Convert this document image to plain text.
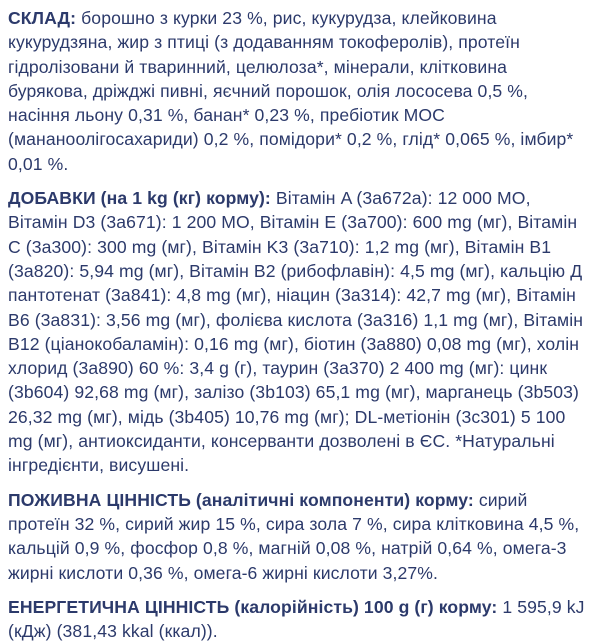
СКЛАД: борошно з курки 23 %, рис, кукурудза, клейковина кукурудзяна, жир з птиці (з додаванням токоферолів), протеїн гідролізовани й тваринний, целюлоза*, мінерали, клітковина бурякова, дріжджі пивні, яєчний порошок, олія лососева 0,5 %, насіння льону 0,31 %, банан* 0,23 %, пребіотик MOC (мананоолігосахариди) 0,2 %, помідори* 0,2 %, глід* 0,065 %, імбир* 0,01 %.

ДОБАВКИ (на 1 kg (кг) корму): Вітамін A (3a672a): 12 000 MO, Вітамін D3 (3a671): 1 200 MO, Вітамін E (3a700): 600 mg (мг), Вітамін C (3a300): 300 mg (мг), Вітамін K3 (3a710): 1,2 mg (мг), Вітамін B1 (3a820): 5,94 mg (мг), Вітамін B2 (рибофлавін): 4,5 mg (мг), кальцію Д пантотенат (3a841): 4,8 mg (мг), ніацин (3a314): 42,7 mg (мг), Вітамін B6 (3a831): 3,56 mg (мг), фолієва кислота (3a316) 1,1 mg (мг), Вітамін B12 (ціанокобаламін): 0,16 mg (мг), біотин (3a880) 0,08 mg (мг), холін хлорид (3a890) 60 %: 3,4 g (г), таурин (3a370) 2 400 mg (мг): цинк (3b604) 92,68 mg (мг), залізо (3b103) 65,1 mg (мг), марганець (3b503) 26,32 mg (мг), мідь (3b405) 10,76 mg (мг); DL-метіонін (3c301) 5 100 mg (мг), антиоксиданти, консерванти дозволені в ЄС. *Натуральні інгредієнти, висушені.

ПОЖИВНА ЦІННІСТЬ (аналітичні компоненти) корму: сирий протеїн 32 %, сирий жир 15 %, сира зола 7 %, сира клітковина 4,5 %, кальцій 0,9 %, фосфор 0,8 %, магній 0,08 %, натрій 0,64 %, омега-3 жирні кислоти 0,36 %, омега-6 жирні кислоти 3,27%.

ЕНЕРГЕТИЧНА ЦІННІСТЬ (калорійність) 100 g (г) корму: 1 595,9 kJ (кДж) (381,43 kkal (ккал)).
